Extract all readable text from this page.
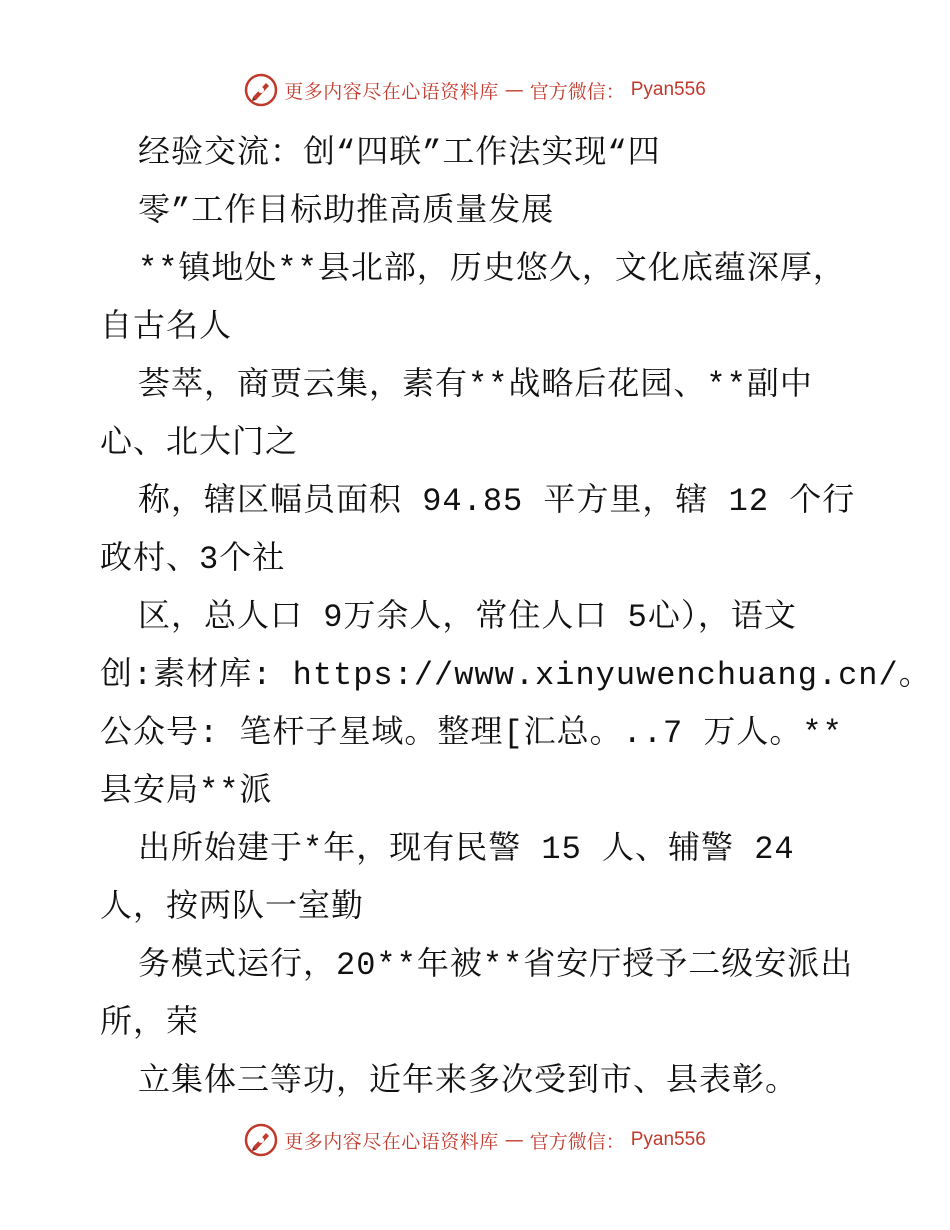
更多内容尽在心语资料库 — 官方微信： Pyan556
经验交流：创“四联”工作法实现“四
零”工作目标助推高质量发展
**镇地处**县北部，历史悠久，文化底蕴深厚，
自古名人
荟萃，商贾云集，素有**战略后花园、**副中
心、北大门之
称，辖区幅员面积 94.85 平方里，辖 12 个行
政村、3个社
区，总人口 9万余人，常住人口 5心），语文
创:素材库: https://www.xinyuwenchuang.cn/。
公众号: 笔杆子星域。整理[汇总。..7 万人。**
县安局**派
出所始建于*年，现有民警 15 人、辅警 24
人，按两队一室勤
务模式运行，20**年被**省安厅授予二级安派出
所，荣
立集体三等功，近年来多次受到市、县表彰。
更多内容尽在心语资料库 — 官方微信： Pyan556
